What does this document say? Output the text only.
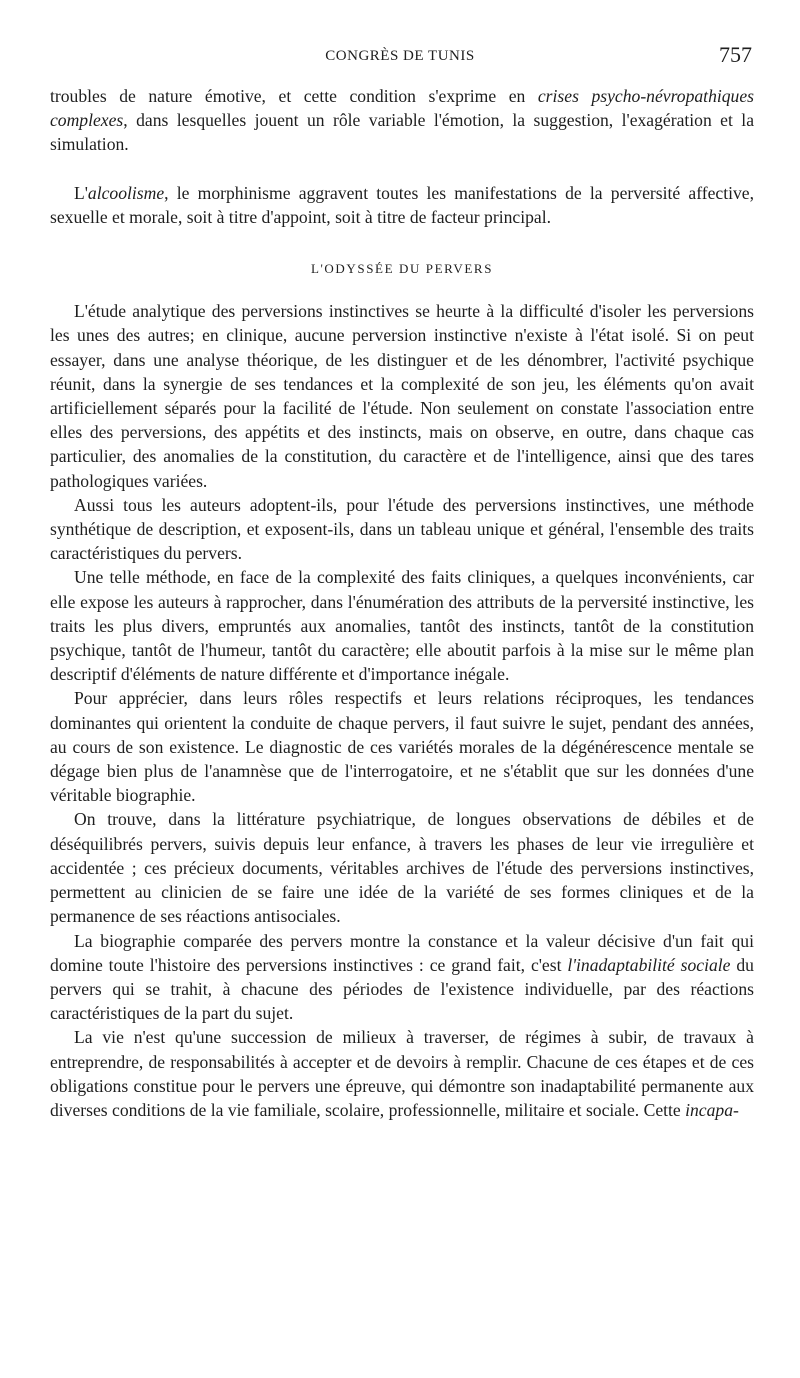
CONGRÈS DE TUNIS	757

troubles de nature émotive, et cette condition s'exprime en crises psycho-névropathiques complexes, dans lesquelles jouent un rôle variable l'émotion, la suggestion, l'exagération et la simulation.

L'alcoolisme, le morphinisme aggravent toutes les manifestations de la perversité affective, sexuelle et morale, soit à titre d'appoint, soit à titre de facteur principal.

L'ODYSSÉE DU PERVERS

L'étude analytique des perversions instinctives se heurte à la difficulté d'isoler les perversions les unes des autres; en clinique, aucune perversion instinctive n'existe à l'état isolé. Si on peut essayer, dans une analyse théorique, de les distinguer et de les dénombrer, l'activité psychique réunit, dans la synergie de ses tendances et la complexité de son jeu, les éléments qu'on avait artificiellement séparés pour la facilité de l'étude. Non seulement on constate l'association entre elles des perversions, des appétits et des instincts, mais on observe, en outre, dans chaque cas particulier, des anomalies de la constitution, du caractère et de l'intelligence, ainsi que des tares pathologiques variées.

Aussi tous les auteurs adoptent-ils, pour l'étude des perversions instinctives, une méthode synthétique de description, et exposent-ils, dans un tableau unique et général, l'ensemble des traits caractéristiques du pervers.

Une telle méthode, en face de la complexité des faits cliniques, a quelques inconvénients, car elle expose les auteurs à rapprocher, dans l'énumération des attributs de la perversité instinctive, les traits les plus divers, empruntés aux anomalies, tantôt des instincts, tantôt de la constitution psychique, tantôt de l'humeur, tantôt du caractère; elle aboutit parfois à la mise sur le même plan descriptif d'éléments de nature différente et d'importance inégale.

Pour apprécier, dans leurs rôles respectifs et leurs relations réciproques, les tendances dominantes qui orientent la conduite de chaque pervers, il faut suivre le sujet, pendant des années, au cours de son existence. Le diagnostic de ces variétés morales de la dégénérescence mentale se dégage bien plus de l'anamnèse que de l'interrogatoire, et ne s'établit que sur les données d'une véritable biographie.

On trouve, dans la littérature psychiatrique, de longues observations de débiles et de déséquilibrés pervers, suivis depuis leur enfance, à travers les phases de leur vie irregulière et accidentée ; ces précieux documents, véritables archives de l'étude des perversions instinctives, permettent au clinicien de se faire une idée de la variété de ses formes cliniques et de la permanence de ses réactions antisociales.

La biographie comparée des pervers montre la constance et la valeur décisive d'un fait qui domine toute l'histoire des perversions instinctives : ce grand fait, c'est l'inadaptabilité sociale du pervers qui se trahit, à chacune des périodes de l'existence individuelle, par des réactions caractéristiques de la part du sujet.

La vie n'est qu'une succession de milieux à traverser, de régimes à subir, de travaux à entreprendre, de responsabilités à accepter et de devoirs à remplir. Chacune de ces étapes et de ces obligations constitue pour le pervers une épreuve, qui démontre son inadaptabilité permanente aux diverses conditions de la vie familiale, scolaire, professionnelle, militaire et sociale. Cette incapa-
